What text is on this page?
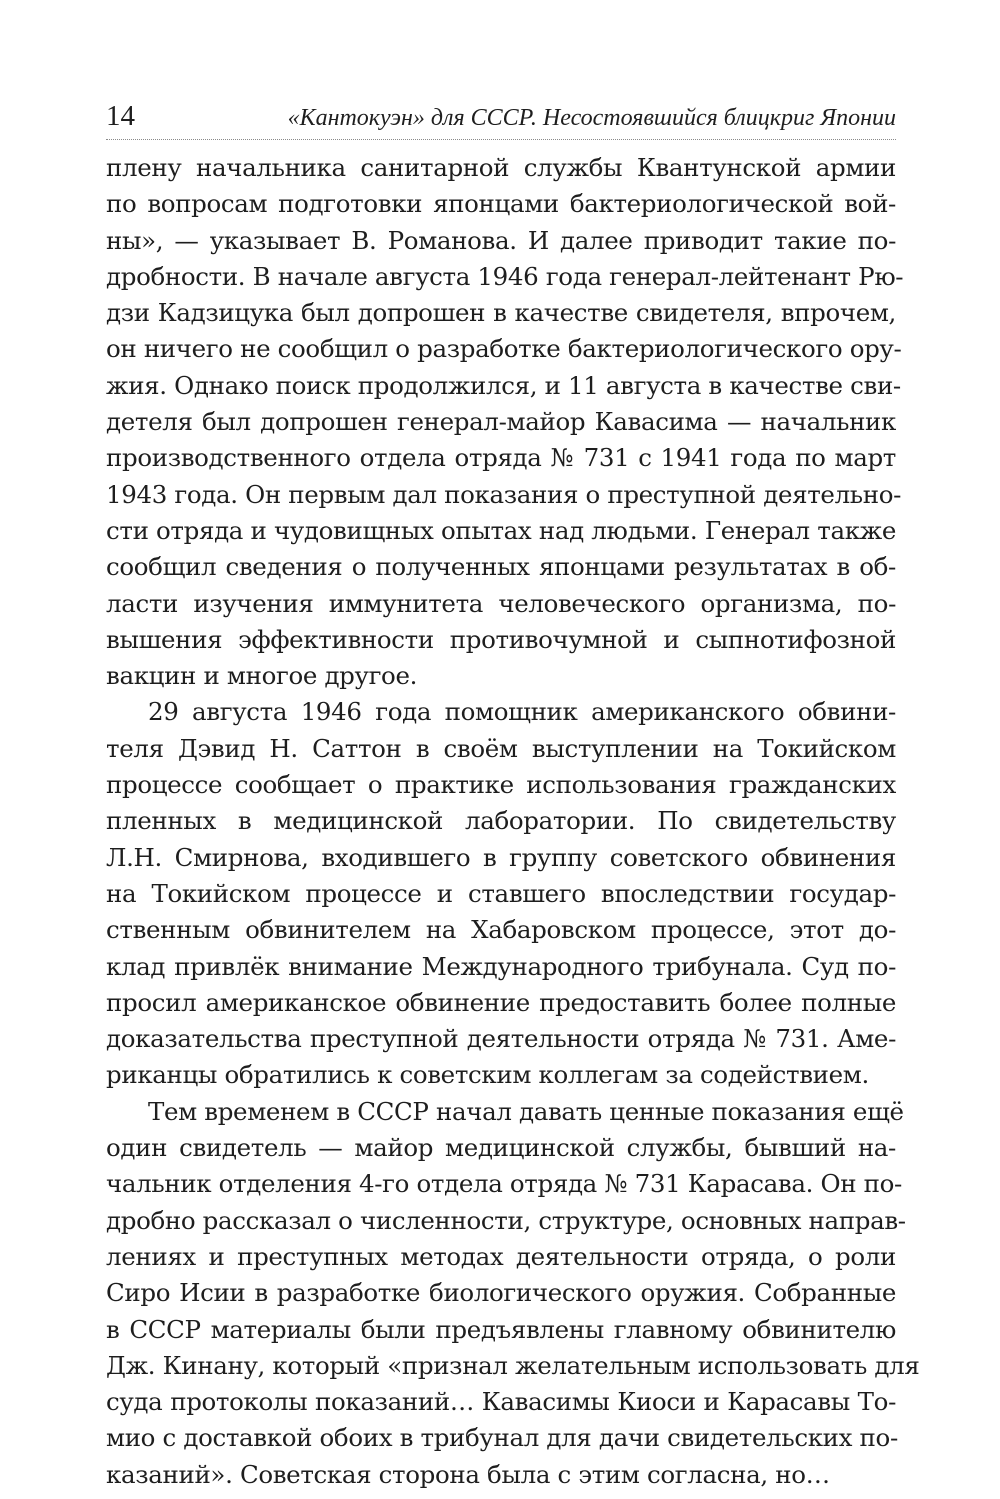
14	«Кантокуэн» для СССР. Несостоявшийся блицкриг Японии
плену начальника санитарной службы Квантунской армии
по вопросам подготовки японцами бактериологической вой-
ны», — указывает В. Романова. И далее приводит такие по-
дробности. В начале августа 1946 года генерал-лейтенант Рю-
дзи Кадзицука был допрошен в качестве свидетеля, впрочем,
он ничего не сообщил о разработке бактериологического ору-
жия. Однако поиск продолжился, и 11 августа в качестве сви-
детеля был допрошен генерал-майор Кавасима — начальник
производственного отдела отряда № 731 с 1941 года по март
1943 года. Он первым дал показания о преступной деятельно-
сти отряда и чудовищных опытах над людьми. Генерал также
сообщил сведения о полученных японцами результатах в об-
ласти изучения иммунитета человеческого организма, по-
вышения эффективности противочумной и сыпнотифозной
вакцин и многое другое.
29 августа 1946 года помощник американского обвини-
теля Дэвид Н. Саттон в своём выступлении на Токийском
процессе сообщает о практике использования гражданских
пленных в медицинской лаборатории. По свидетельству
Л.Н. Смирнова, входившего в группу советского обвинения
на Токийском процессе и ставшего впоследствии государ-
ственным обвинителем на Хабаровском процессе, этот до-
клад привлёк внимание Международного трибунала. Суд по-
просил американское обвинение предоставить более полные
доказательства преступной деятельности отряда № 731. Аме-
риканцы обратились к советским коллегам за содействием.
Тем временем в СССР начал давать ценные показания ещё
один свидетель — майор медицинской службы, бывший на-
чальник отделения 4-го отдела отряда № 731 Карасава. Он по-
дробно рассказал о численности, структуре, основных направ-
лениях и преступных методах деятельности отряда, о роли
Сиро Исии в разработке биологического оружия. Собранные
в СССР материалы были предъявлены главному обвинителю
Дж. Кинану, который «признал желательным использовать для
суда протоколы показаний… Кавасимы Киоси и Карасавы То-
мио с доставкой обоих в трибунал для дачи свидетельских по-
казаний». Советская сторона была с этим согласна, но…
